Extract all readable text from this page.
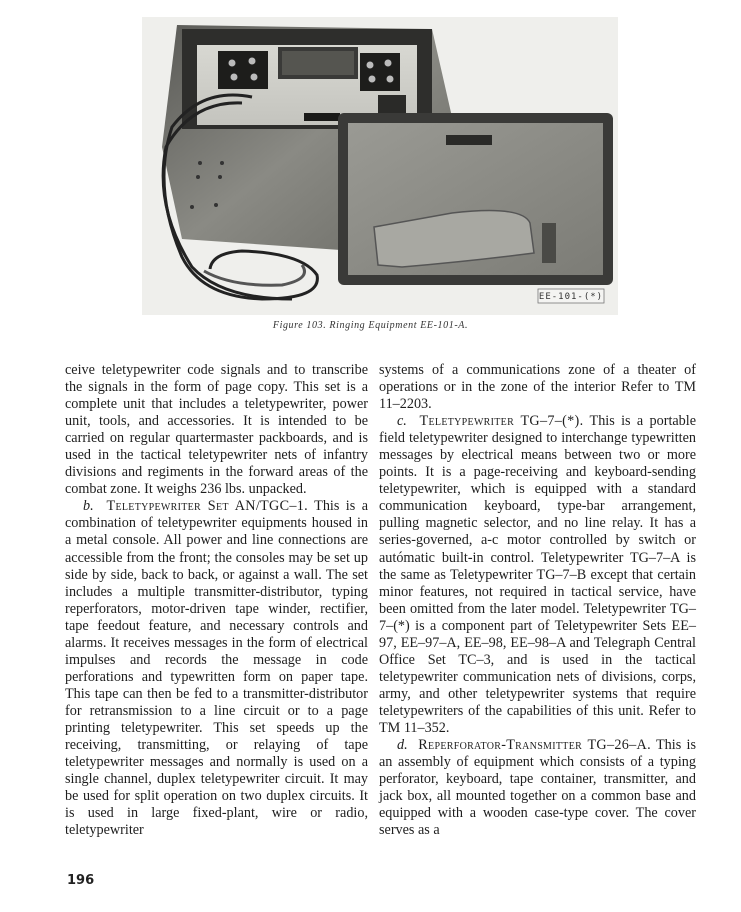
EE-101-(*)
Figure 103. Ringing Equipment EE-101-A.

ceive teletypewriter code signals and to transcribe the signals in the form of page copy. This set is a complete unit that includes a teletypewriter, power unit, tools, and accessories. It is intended to be carried on regular quartermaster packboards, and is used in the tactical teletypewriter nets of infantry divisions and regiments in the forward areas of the combat zone. It weighs 236 lbs. unpacked.

b. Teletypewriter Set AN/TGC–1. This is a combination of teletypewriter equipments housed in a metal console. All power and line connections are accessible from the front; the consoles may be set up side by side, back to back, or against a wall. The set includes a multiple transmitter-distributor, typing reperforators, motor-driven tape winder, rectifier, tape feedout feature, and necessary controls and alarms. It receives messages in the form of electrical impulses and records the message in code perforations and typewritten form on paper tape. This tape can then be fed to a transmitter-distributor for retransmission to a line circuit or to a page printing teletypewriter. This set speeds up the receiving, transmitting, or relaying of tape teletypewriter messages and normally is used on a single channel, duplex teletypewriter circuit. It may be used for split operation on two duplex circuits. It is used in large fixed-plant, wire or radio, teletypewriter

systems of a communications zone of a theater of operations or in the zone of the interior Refer to TM 11–2203.

c. Teletypewriter TG–7–(*). This is a portable field teletypewriter designed to interchange typewritten messages by electrical means between two or more points. It is a page-receiving and keyboard-sending teletypewriter, which is equipped with a standard communication keyboard, type-bar arrangement, pulling magnetic selector, and no line relay. It has a series-governed, a-c motor controlled by switch or autómatic built-in control. Teletypewriter TG–7–A is the same as Teletypewriter TG–7–B except that certain minor features, not required in tactical service, have been omitted from the later model. Teletypewriter TG–7–(*) is a component part of Teletypewriter Sets EE–97, EE–97–A, EE–98, EE–98–A and Telegraph Central Office Set TC–3, and is used in the tactical teletypewriter communication nets of divisions, corps, army, and other teletypewriter systems that require teletypewriters of the capabilities of this unit. Refer to TM 11–352.

d. Reperforator-Transmitter TG–26–A. This is an assembly of equipment which consists of a typing perforator, keyboard, tape container, transmitter, and jack box, all mounted together on a common base and equipped with a wooden case-type cover. The cover serves as a

196
